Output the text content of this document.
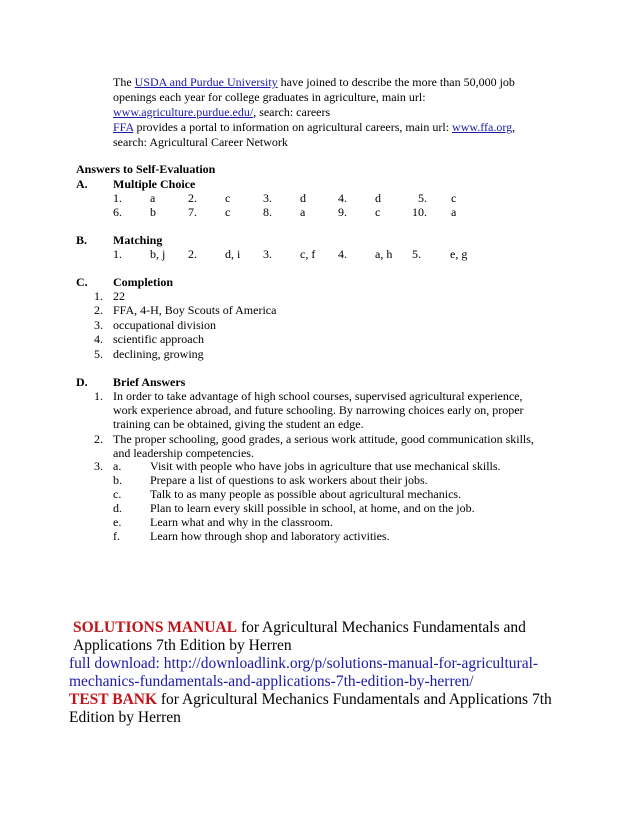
The USDA and Purdue University have joined to describe the more than 50,000 job
openings each year for college graduates in agriculture, main url:
www.agriculture.purdue.edu/, search: careers
FFA provides a portal to information on agricultural careers, main url: www.ffa.org,
search: Agricultural Career Network
Answers to Self-Evaluation
A. Multiple Choice
1. a	2. c	3. d	4. d	5. c
6. b	7. c	8. a	9. c	10. a
B. Matching
1. b, j 2. d, i 3. c, f 4. a, h 5. e, g
C. Completion
1. 22
2. FFA, 4-H, Boy Scouts of America
3. occupational division
4. scientific approach
5. declining, growing
D. Brief Answers
1. In order to take advantage of high school courses, supervised agricultural experience,
work experience abroad, and future schooling. By narrowing choices early on, proper
training can be obtained, giving the student an edge.
2. The proper schooling, good grades, a serious work attitude, good communication skills,
and leadership competencies.
3. a. Visit with people who have jobs in agriculture that use mechanical skills.
b. Prepare a list of questions to ask workers about their jobs.
c. Talk to as many people as possible about agricultural mechanics.
d. Plan to learn every skill possible in school, at home, and on the job.
e. Learn what and why in the classroom.
f.	Learn how through shop and laboratory activities.
SOLUTIONS MANUAL for Agricultural Mechanics Fundamentals and
Applications 7th Edition by Herren
full download: http://downloadlink.org/p/solutions-manual-for-agricultural-
mechanics-fundamentals-and-applications-7th-edition-by-herren/
TEST BANK for Agricultural Mechanics Fundamentals and Applications 7th
Edition by Herren
